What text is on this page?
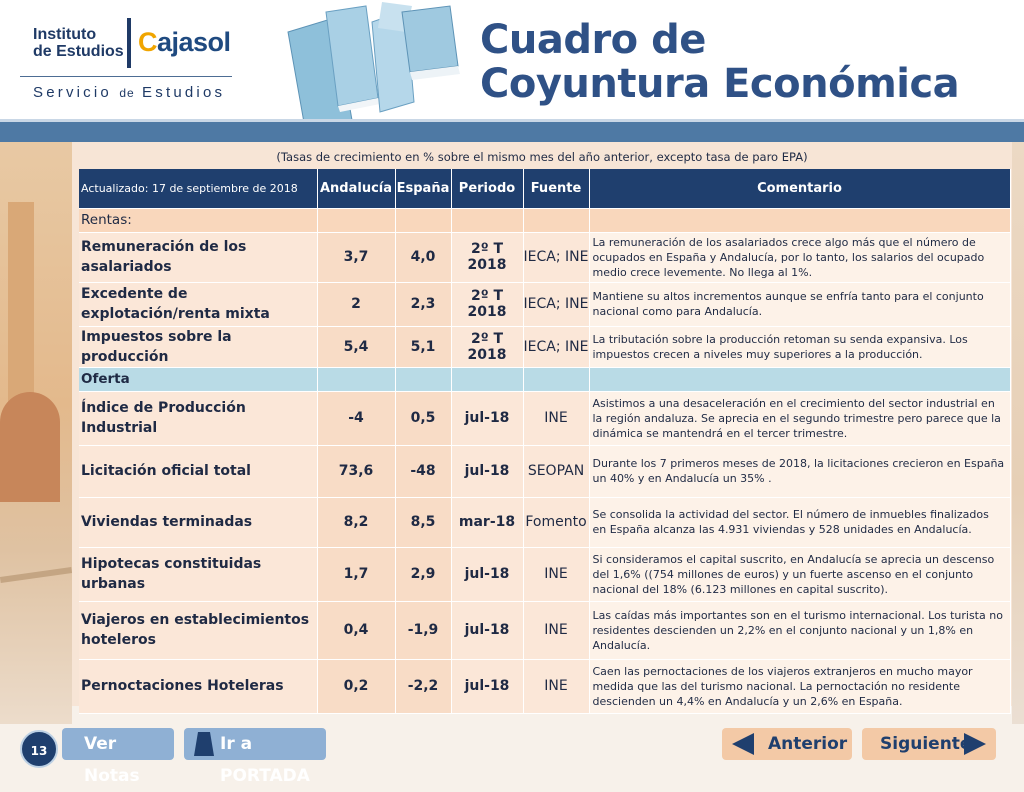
Instituto
de Estudios Cajasol
Servicio de Estudios
Cuadro de
Coyuntura Económica
(Tasas de crecimiento en % sobre el mismo mes del año anterior, excepto tasa de paro EPA)
Actualizado: 17 de septiembre de 2018	Andalucía	España	Periodo	Fuente	Comentario
Rentas:					
Remuneración de los asalariados	3,7	4,0	2º T 2018	IECA; INE	La remuneración de los asalariados crece algo más que el número de ocupados en España y Andalucía, por lo tanto, los salarios del ocupado medio crece levemente. No llega al 1%.
Excedente de explotación/renta mixta	2	2,3	2º T 2018	IECA; INE	Mantiene su altos incrementos aunque se enfría tanto para el conjunto nacional como para Andalucía.
Impuestos sobre la producción	5,4	5,1	2º T 2018	IECA; INE	La tributación sobre la producción retoman su senda expansiva. Los impuestos crecen a niveles muy superiores a la producción.
Oferta					
Índice de Producción Industrial	-4	0,5	jul-18	INE	Asistimos a una desaceleración en el crecimiento del sector industrial en la región andaluza. Se aprecia en el segundo trimestre pero parece que la dinámica se mantendrá en el tercer trimestre.
Licitación oficial total	73,6	-48	jul-18	SEOPAN	Durante los 7 primeros meses de 2018, la licitaciones crecieron en España un 40% y en Andalucía un 35% .
Viviendas terminadas	8,2	8,5	mar-18	Fomento	Se consolida la actividad del sector. El número de inmuebles finalizados en España alcanza las 4.931 viviendas y 528 unidades en Andalucía.
Hipotecas constituidas urbanas	1,7	2,9	jul-18	INE	Si consideramos el capital suscrito, en Andalucía se aprecia un descenso del 1,6% ((754 millones de euros) y un fuerte ascenso en el conjunto nacional del 18% (6.123 millones en capital suscrito).
Viajeros en establecimientos hoteleros	0,4	-1,9	jul-18	INE	Las caídas más importantes son en el turismo internacional. Los turista no residentes descienden un 2,2% en el conjunto nacional y un 1,8% en Andalucía.
Pernoctaciones Hoteleras	0,2	-2,2	jul-18	INE	Caen las pernoctaciones de los viajeros extranjeros en mucho mayor medida que las del turismo nacional. La pernoctación no residente descienden un 4,4% en Andalucía y un 2,6% en España.
Ver Notas
13	Ir a PORTADA
Anterior	Siguiente
